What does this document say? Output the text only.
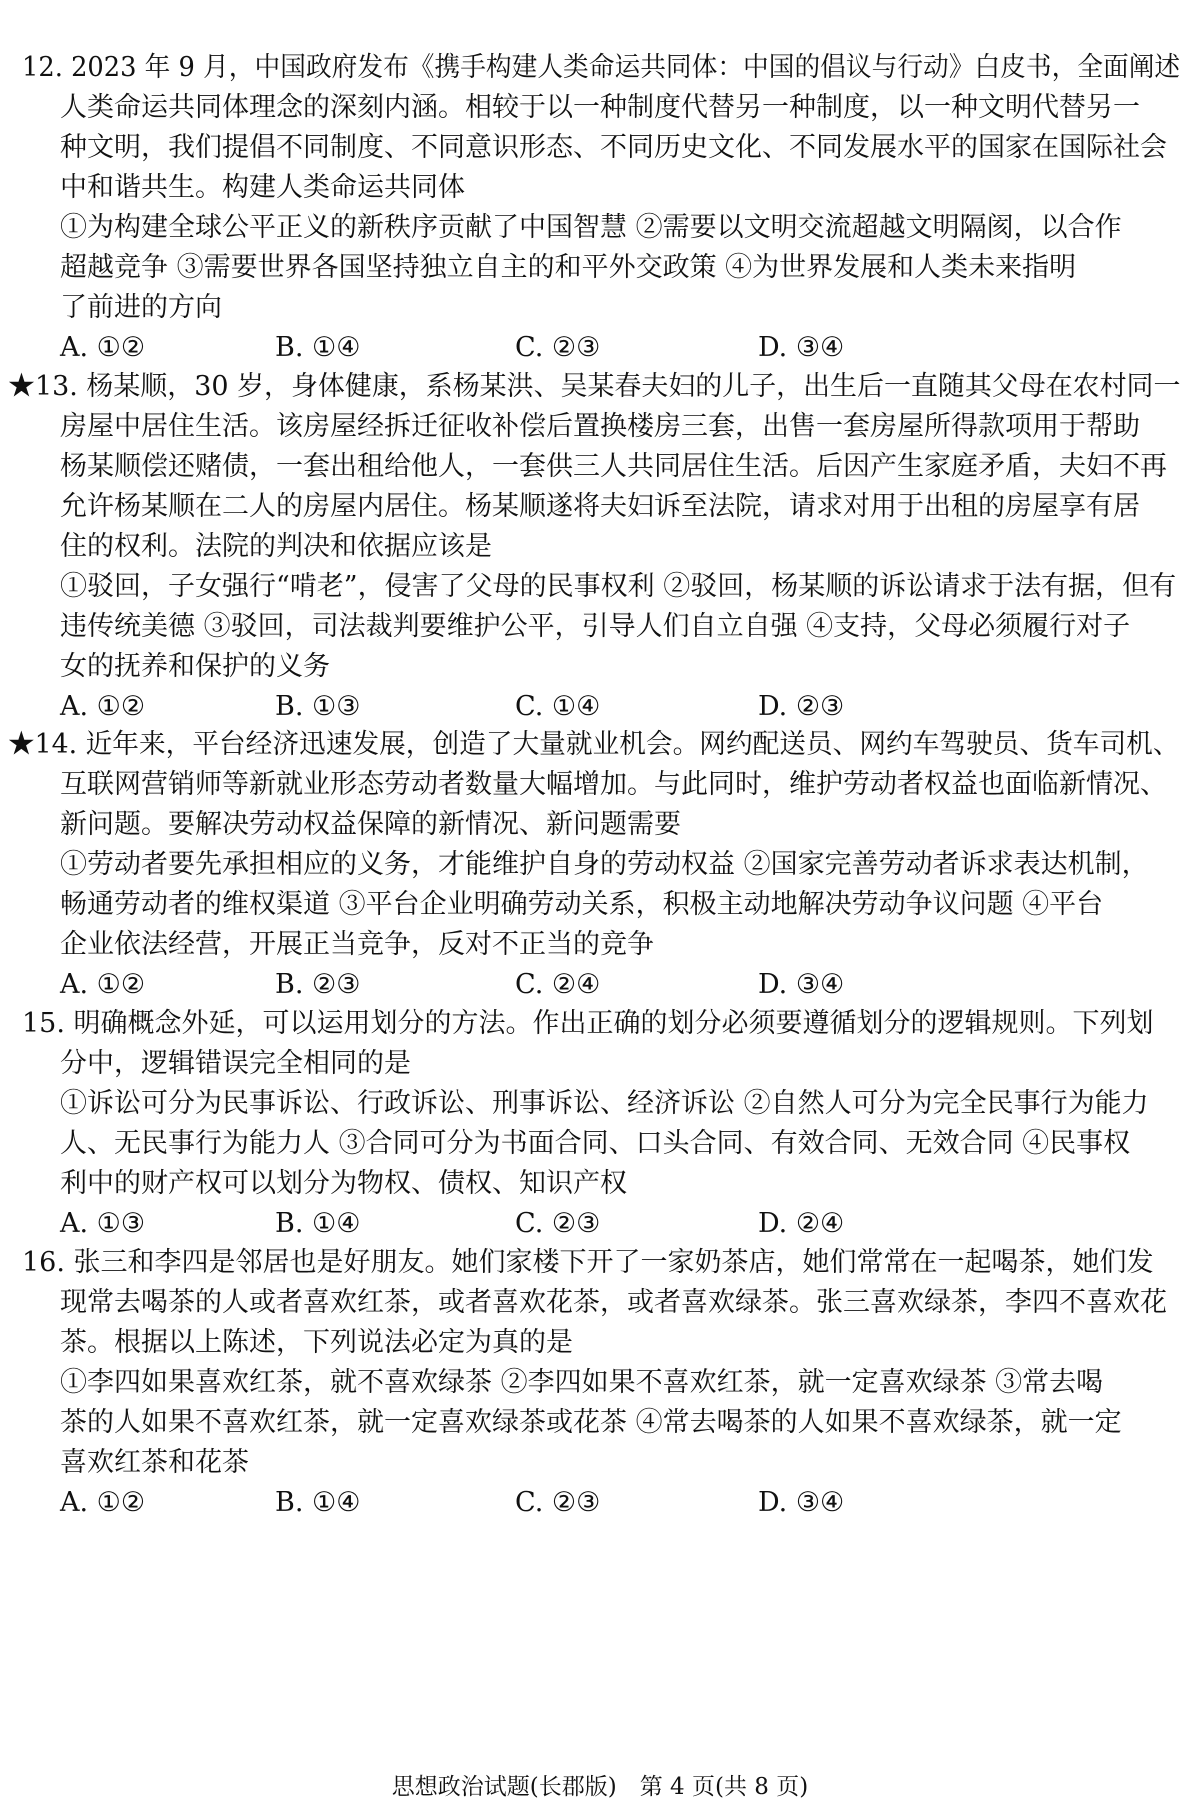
12. 2023 年 9 月，中国政府发布《携手构建人类命运共同体：中国的倡议与行动》白皮书，全面阐述
人类命运共同体理念的深刻内涵。相较于以一种制度代替另一种制度，以一种文明代替另一
种文明，我们提倡不同制度、不同意识形态、不同历史文化、不同发展水平的国家在国际社会
中和谐共生。构建人类命运共同体
①为构建全球公平正义的新秩序贡献了中国智慧 ②需要以文明交流超越文明隔阂，以合作
超越竞争 ③需要世界各国坚持独立自主的和平外交政策 ④为世界发展和人类未来指明
了前进的方向
A. ①②	B. ①④	C. ②③	D. ③④
★13. 杨某顺，30 岁，身体健康，系杨某洪、吴某春夫妇的儿子，出生后一直随其父母在农村同一
房屋中居住生活。该房屋经拆迁征收补偿后置换楼房三套，出售一套房屋所得款项用于帮助
杨某顺偿还赌债，一套出租给他人，一套供三人共同居住生活。后因产生家庭矛盾，夫妇不再
允许杨某顺在二人的房屋内居住。杨某顺遂将夫妇诉至法院，请求对用于出租的房屋享有居
住的权利。法院的判决和依据应该是
①驳回，子女强行“啃老”，侵害了父母的民事权利 ②驳回，杨某顺的诉讼请求于法有据，但有
违传统美德 ③驳回，司法裁判要维护公平，引导人们自立自强 ④支持，父母必须履行对子
女的抚养和保护的义务
A. ①②	B. ①③	C. ①④	D. ②③
★14. 近年来，平台经济迅速发展，创造了大量就业机会。网约配送员、网约车驾驶员、货车司机、
互联网营销师等新就业形态劳动者数量大幅增加。与此同时，维护劳动者权益也面临新情况、
新问题。要解决劳动权益保障的新情况、新问题需要
①劳动者要先承担相应的义务，才能维护自身的劳动权益 ②国家完善劳动者诉求表达机制，
畅通劳动者的维权渠道 ③平台企业明确劳动关系，积极主动地解决劳动争议问题 ④平台
企业依法经营，开展正当竞争，反对不正当的竞争
A. ①②	B. ②③	C. ②④	D. ③④
15. 明确概念外延，可以运用划分的方法。作出正确的划分必须要遵循划分的逻辑规则。下列划
分中，逻辑错误完全相同的是
①诉讼可分为民事诉讼、行政诉讼、刑事诉讼、经济诉讼 ②自然人可分为完全民事行为能力
人、无民事行为能力人 ③合同可分为书面合同、口头合同、有效合同、无效合同 ④民事权
利中的财产权可以划分为物权、债权、知识产权
A. ①③	B. ①④	C. ②③	D. ②④
16. 张三和李四是邻居也是好朋友。她们家楼下开了一家奶茶店，她们常常在一起喝茶，她们发
现常去喝茶的人或者喜欢红茶，或者喜欢花茶，或者喜欢绿茶。张三喜欢绿茶，李四不喜欢花
茶。根据以上陈述，下列说法必定为真的是
①李四如果喜欢红茶，就不喜欢绿茶 ②李四如果不喜欢红茶，就一定喜欢绿茶 ③常去喝
茶的人如果不喜欢红茶，就一定喜欢绿茶或花茶 ④常去喝茶的人如果不喜欢绿茶，就一定
喜欢红茶和花茶
A. ①②	B. ①④	C. ②③	D. ③④
思想政治试题(长郡版)　第 4 页(共 8 页)
